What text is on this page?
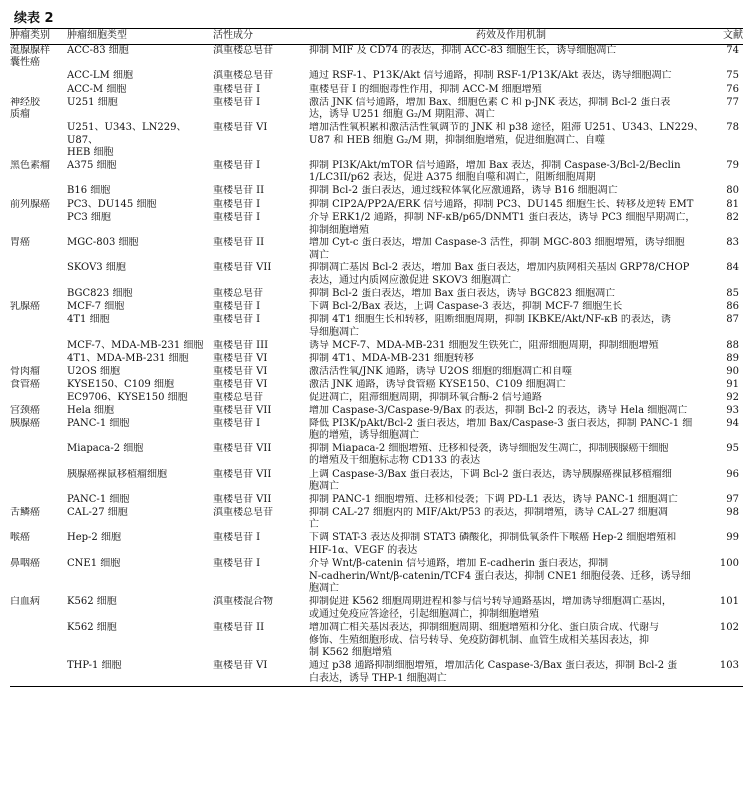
续表 2
肿瘤类别	肿瘤细胞类型	活性成分	药效及作用机制	文献
涎腺腺样
囊性癌	ACC-83 细胞	滇重楼总皂苷	抑制 MIF 及 CD74 的表达，抑制 ACC-83 细胞生长，诱导细胞凋亡	74
	ACC-LM 细胞	滇重楼总皂苷	通过 RSF-1、P13K/Akt 信号通路，抑制 RSF-1/P13K/Akt 表达，诱导细胞凋亡	75
	ACC-M 细胞	重楼皂苷 I	重楼皂苷 I 的细胞毒性作用，抑制 ACC-M 细胞增殖	76
神经胶
质瘤	U251 细胞	重楼皂苷 I	激活 JNK 信号通路，增加 Bax、细胞色素 C 和 p-JNK 表达，抑制 Bcl-2 蛋白表
达，诱导 U251 细胞 G₂/M 期阻滞、凋亡	77
	U251、U343、LN229、U87、
HEB 细胞	重楼皂苷 VI	增加活性氧积累和激活活性氧调节的 JNK 和 p38 途径，阻滞 U251、U343、LN229、
U87 和 HEB 细胞 G₂/M 期，抑制细胞增殖，促进细胞凋亡、自噬	78
黑色素瘤	A375 细胞	重楼皂苷 I	抑制 PI3K/Akt/mTOR 信号通路，增加 Bax 表达，抑制 Caspase-3/Bcl-2/Beclin
1/LC3II/p62 表达，促进 A375 细胞自噬和凋亡，阻断细胞周期	79
	B16 细胞	重楼皂苷 II	抑制 Bcl-2 蛋白表达，通过线粒体氧化应激通路，诱导 B16 细胞凋亡	80
前列腺癌	PC3、DU145 细胞	重楼皂苷 I	抑制 CIP2A/PP2A/ERK 信号通路，抑制 PC3、DU145 细胞生长、转移及逆转 EMT	81
	PC3 细胞	重楼皂苷 I	介导 ERK1/2 通路，抑制 NF-κB/p65/DNMT1 蛋白表达，诱导 PC3 细胞早期凋亡，
抑制细胞增殖	82
胃癌	MGC-803 细胞	重楼皂苷 II	增加 Cyt-c 蛋白表达，增加 Caspase-3 活性，抑制 MGC-803 细胞增殖，诱导细胞
凋亡	83
	SKOV3 细胞	重楼皂苷 VII	抑制凋亡基因 Bcl-2 表达，增加 Bax 蛋白表达，增加内质网相关基因 GRP78/CHOP
表达，通过内质网应激促进 SKOV3 细胞凋亡	84
	BGC823 细胞	重楼总皂苷	抑制 Bcl-2 蛋白表达，增加 Bax 蛋白表达，诱导 BGC823 细胞凋亡	85
乳腺癌	MCF-7 细胞	重楼皂苷 I	下调 Bcl-2/Bax 表达，上调 Caspase-3 表达，抑制 MCF-7 细胞生长	86
	4T1 细胞	重楼皂苷 I	抑制 4T1 细胞生长和转移，阻断细胞周期，抑制 IKBKE/Akt/NF-κB 的表达，诱
导细胞凋亡	87
	MCF-7、MDA-MB-231 细胞	重楼皂苷 III	诱导 MCF-7、MDA-MB-231 细胞发生铁死亡，阻滞细胞周期，抑制细胞增殖	88
	4T1、MDA-MB-231 细胞	重楼皂苷 VI	抑制 4T1、MDA-MB-231 细胞转移	89
骨肉瘤	U2OS 细胞	重楼皂苷 VI	激活活性氧/JNK 通路，诱导 U2OS 细胞的细胞凋亡和自噬	90
食管癌	KYSE150、C109 细胞	重楼皂苷 VI	激活 JNK 通路，诱导食管癌 KYSE150、C109 细胞凋亡	91
	EC9706、KYSE150 细胞	重楼总皂苷	促进凋亡，阻滞细胞周期，抑制环氧合酶-2 信号通路	92
宫颈癌	Hela 细胞	重楼皂苷 VII	增加 Caspase-3/Caspase-9/Bax 的表达，抑制 Bcl-2 的表达，诱导 Hela 细胞凋亡	93
胰腺癌	PANC-1 细胞	重楼皂苷 I	降低 PI3K/pAkt/Bcl-2 蛋白表达，增加 Bax/Caspase-3 蛋白表达，抑制 PANC-1 细
胞的增殖，诱导细胞凋亡	94
	Miapaca-2 细胞	重楼皂苷 VII	抑制 Miapaca-2 细胞增殖、迁移和侵袭，诱导细胞发生凋亡，抑制胰腺癌干细胞
的增殖及干细胞标志物 CD133 的表达	95
	胰腺癌裸鼠移植瘤细胞	重楼皂苷 VII	上调 Caspase-3/Bax 蛋白表达，下调 Bcl-2 蛋白表达，诱导胰腺癌裸鼠移植瘤细
胞凋亡	96
	PANC-1 细胞	重楼皂苷 VII	抑制 PANC-1 细胞增殖、迁移和侵袭；下调 PD-L1 表达，诱导 PANC-1 细胞凋亡	97
舌鳞癌	CAL-27 细胞	滇重楼总皂苷	抑制 CAL-27 细胞内的 MIF/Akt/P53 的表达，抑制增殖，诱导 CAL-27 细胞凋
亡	98
喉癌	Hep-2 细胞	重楼皂苷 I	下调 STAT-3 表达及抑制 STAT3 磷酸化，抑制低氧条件下喉癌 Hep-2 细胞增殖和
HIF-1α、VEGF 的表达	99
鼻咽癌	CNE1 细胞	重楼皂苷 I	介导 Wnt/β-catenin 信号通路，增加 E-cadherin 蛋白表达，抑制
N-cadherin/Wnt/β-catenin/TCF4 蛋白表达，抑制 CNE1 细胞侵袭、迁移，诱导细
胞凋亡	100
白血病	K562 细胞	滇重楼混合物	抑制促进 K562 细胞周期进程和参与信号转导通路基因，增加诱导细胞凋亡基因，
或通过免疫应答途径，引起细胞凋亡，抑制细胞增殖	101
	K562 细胞	重楼皂苷 II	增加凋亡相关基因表达，抑制细胞周期、细胞增殖和分化、蛋白质合成、代谢与
修饰、生殖细胞形成、信号转导、免疫防御机制、血管生成相关基因表达，抑
制 K562 细胞增殖	102
	THP-1 细胞	重楼皂苷 VI	通过 p38 通路抑制细胞增殖，增加活化 Caspase-3/Bax 蛋白表达，抑制 Bcl-2 蛋
白表达，诱导 THP-1 细胞凋亡	103
